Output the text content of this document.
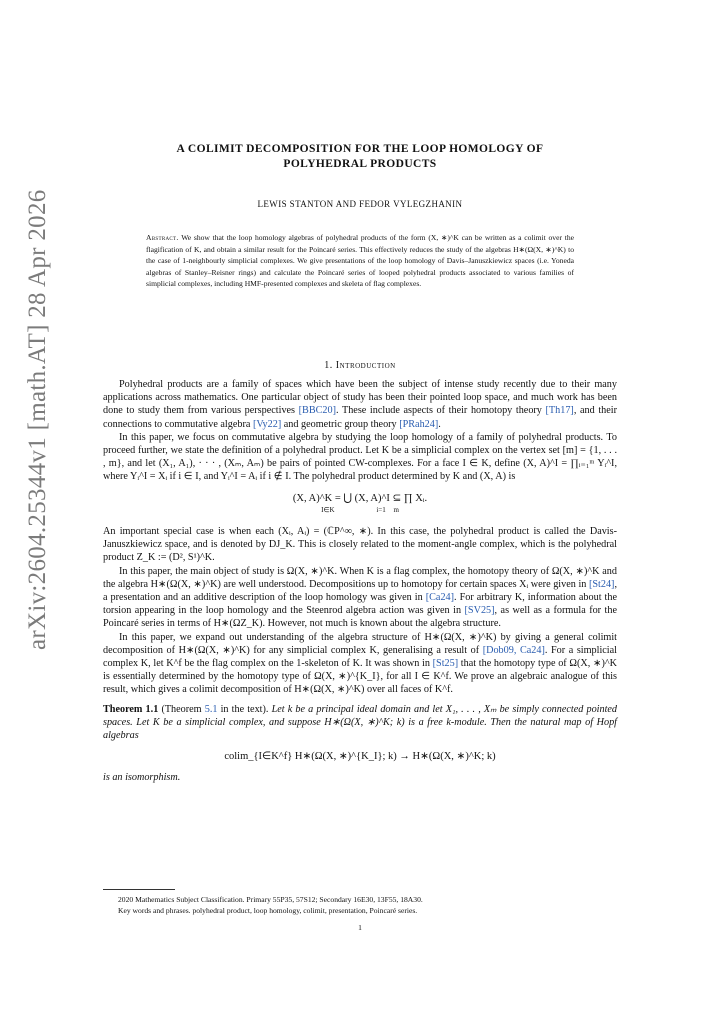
arXiv:2604.25344v1 [math.AT] 28 Apr 2026
A COLIMIT DECOMPOSITION FOR THE LOOP HOMOLOGY OF
POLYHEDRAL PRODUCTS
LEWIS STANTON AND FEDOR VYLEGZHANIN
Abstract. We show that the loop homology algebras of polyhedral products of the form (X, ∗)^K can be written as a colimit over the flagification of K, and obtain a similar result for the Poincaré series. This effectively reduces the study of the algebras H∗(Ω(X, ∗)^K) to the case of 1-neighbourly simplicial complexes. We give presentations of the loop homology of Davis–Januszkiewicz spaces (i.e. Yoneda algebras of Stanley–Reisner rings) and calculate the Poincaré series of looped polyhedral products associated to various families of simplicial complexes, including HMF-presented complexes and skeleta of flag complexes.
1. Introduction

Polyhedral products are a family of spaces which have been the subject of intense study recently due to their many applications across mathematics. One particular object of study has been their pointed loop space, and much work has been done to study them from various perspectives [BBC20]. These include aspects of their homotopy theory [Th17], and their connections to commutative algebra [Vy22] and geometric group theory [PRah24].

In this paper, we focus on commutative algebra by studying the loop homology of a family of polyhedral products. To proceed further, we state the definition of a polyhedral product. Let K be a simplicial complex on the vertex set [m] = {1, . . . , m}, and let (X₁, A₁), · · · , (Xₘ, Aₘ) be pairs of pointed CW-complexes. For a face I ∈ K, define (X, A)^I = ∏ᵢ₌₁ᵐ Yᵢ^I, where Yᵢ^I = Xᵢ if i ∈ I, and Yᵢ^I = Aᵢ if i ∉ I. The polyhedral product determined by K and (X, A) is

(X, A)^K = ⋃ (X, A)^I ⊆ ∏ Xᵢ.
I∈K	i=1 m

An important special case is when each (Xᵢ, Aᵢ) = (ℂP^∞, ∗). In this case, the polyhedral product is called the Davis-Januszkiewicz space, and is denoted by DJ_K. This is closely related to the moment-angle complex, which is the polyhedral product Z_K := (D², S¹)^K.

In this paper, the main object of study is Ω(X, ∗)^K. When K is a flag complex, the homotopy theory of Ω(X, ∗)^K and the algebra H∗(Ω(X, ∗)^K) are well understood. Decompositions up to homotopy for certain spaces Xᵢ were given in [St24], a presentation and an additive description of the loop homology was given in [Ca24]. For arbitrary K, information about the torsion appearing in the loop homology and the Steenrod algebra action was given in [SV25], as well as a formula for the Poincaré series in terms of H∗(ΩZ_K). However, not much is known about the algebra structure.

In this paper, we expand out understanding of the algebra structure of H∗(Ω(X, ∗)^K) by giving a general colimit decomposition of H∗(Ω(X, ∗)^K) for any simplicial complex K, generalising a result of [Dob09, Ca24]. For a simplicial complex K, let K^f be the flag complex on the 1-skeleton of K. It was shown in [St25] that the homotopy type of Ω(X, ∗)^K is essentially determined by the homotopy type of Ω(X, ∗)^{K_I}, for all I ∈ K^f. We prove an algebraic analogue of this result, which gives a colimit decomposition of H∗(Ω(X, ∗)^K) over all faces of K^f.

Theorem 1.1 (Theorem 5.1 in the text). Let k be a principal ideal domain and let X₁, . . . , Xₘ be simply connected pointed spaces. Let K be a simplicial complex, and suppose H∗(Ω(X, ∗)^K; k) is a free k-module. Then the natural map of Hopf algebras

colim_{I∈K^f} H∗(Ω(X, ∗)^{K_I}; k) → H∗(Ω(X, ∗)^K; k)

is an isomorphism.

2020 Mathematics Subject Classification. Primary 55P35, 57S12; Secondary 16E30, 13F55, 18A30.
Key words and phrases. polyhedral product, loop homology, colimit, presentation, Poincaré series.
1
